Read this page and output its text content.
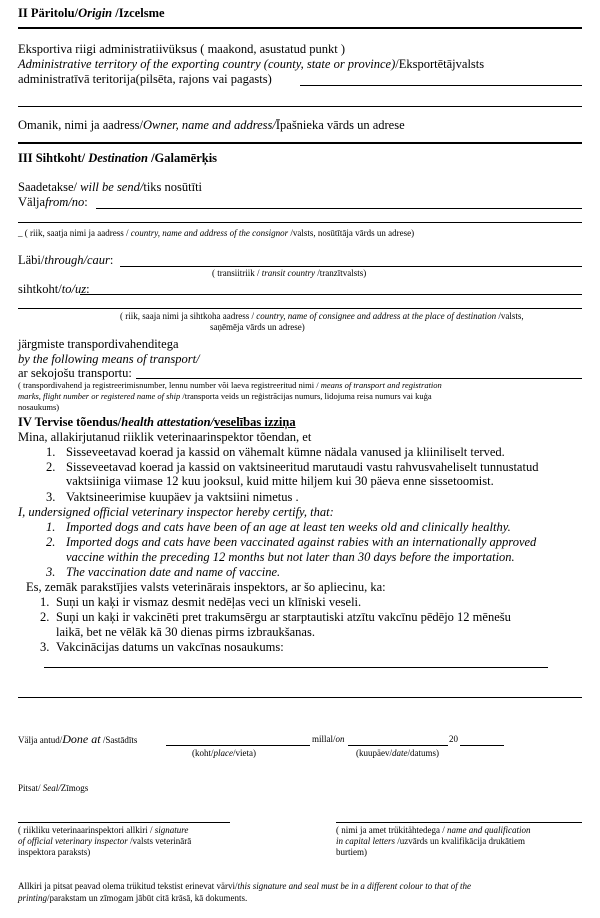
II Päritolu/Origin /Izcelsme
Eksportiva riigi administratiivüksus ( maakond, asustatud punkt )
Administrative territory of the exporting country (county, state or province)/Eksportētājvalsts
administratīvā teritorija(pilsēta, rajons vai pagasts)
Omanik, nimi ja aadress/Owner, name and address/Īpašnieka vārds un adrese
III Sihtkoht/ Destination /Galamērķis
Saadetakse/ will be send/tiks nosūtīti
Väljafrom/no:
_ ( riik, saatja nimi ja aadress / country, name and address of the consignor /valsts, nosūtītāja vārds un adrese)
Läbi/through/caur:
( transiitriik / transit country /tranzītvalsts)
sihtkoht/to/uz:
( riik, saaja nimi ja sihtkoha aadress / country, name of consignee and address at the place of destination /valsts,
saņēmēja vārds un adrese)
järgmiste transpordivahenditega
by the following means of transport/
ar sekojošu transportu:
( transpordivahend ja registreerimisnumber, lennu number või laeva registreeritud nimi / means of transport and registration
marks, flight number or registered name of ship /transporta veids un reģistrācijas numurs, lidojuma reisa numurs vai kuģa
nosaukums)
IV Tervise tõendus/health attestation/veselības izziņa
Mina, allakirjutanud riiklik veterinaarinspektor tõendan, et
1. Sisseveetavad koerad ja kassid on vähemalt kümne nädala vanused ja kliiniliselt terved.
2. Sisseveetavad koerad ja kassid on vaktsineeritud marutaudi vastu rahvusvaheliselt tunnustatud
vaktsiiniga viimase 12 kuu jooksul, kuid mitte hiljem kui 30 päeva enne sissetoomist.
3. Vaktsineerimise kuupäev ja vaktsiini nimetus .
I, undersigned official veterinary inspector hereby certify, that:
1. Imported dogs and cats have been of an age at least ten weeks old and clinically healthy.
2. Imported dogs and cats have been vaccinated against rabies with an internationally approved
vaccine within the preceding 12 months but not later than 30 days before the importation.
3. The vaccination date and name of vaccine.
Es, zemāk parakstījies valsts veterinārais inspektors, ar šo apliecinu, ka:
1. Suņi un kaķi ir vismaz desmit nedēļas veci un klīniski veseli.
2. Suņi un kaķi ir vakcinēti pret trakumsērgu ar starptautiski atzītu vakcīnu pēdējo 12 mēnešu
laikā, bet ne vēlāk kā 30 dienas pirms izbraukšanas.
3. Vakcinācijas datums un vakcīnas nosaukums:
Välja antud/Done at /Sastādīts	millal/on	20
(koht/place/vieta)	(kuupäev/date/datums)
Pitsat/ Seal/Zīmogs
( riikliku veterinaarinspektori allkiri / signature
of official veterinary inspector /valsts veterinārā
inspektora paraksts)
( nimi ja amet trükitähtedega / name and qualification
in capital letters /uzvārds un kvalifikācija drukātiem
burtiem)
Allkiri ja pitsat peavad olema trükitud tekstist erinevat värvi/this signature and seal must be in a different colour to that of the
printing/parakstam un zīmogam jābūt citā krāsā, kā dokuments.
